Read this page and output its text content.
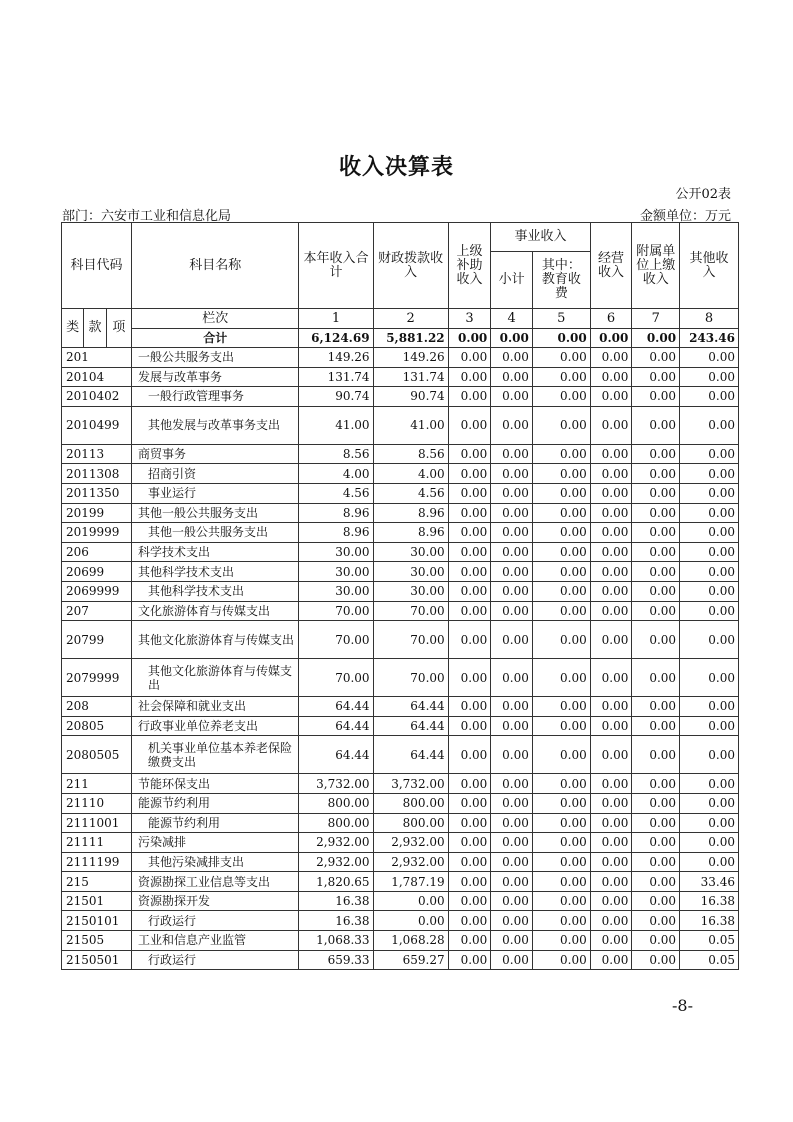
收入决算表
公开02表
部门：六安市工业和信息化局	金额单位：万元
科目代码			科目名称	本年收入合计	财政拨款收入	上级补助收入	事业收入		经营收入	附属单位上缴收入	其他收入
							小计	其中：教育收费			
类	款	项	栏次	1	2	3	4	5	6	7	8
			合计	6,124.69	5,881.22	0.00	0.00	0.00	0.00	0.00	243.46
201			一般公共服务支出	149.26	149.26	0.00	0.00	0.00	0.00	0.00	0.00
20104			发展与改革事务	131.74	131.74	0.00	0.00	0.00	0.00	0.00	0.00
2010402			一般行政管理事务	90.74	90.74	0.00	0.00	0.00	0.00	0.00	0.00
2010499			其他发展与改革事务支出	41.00	41.00	0.00	0.00	0.00	0.00	0.00	0.00
20113			商贸事务	8.56	8.56	0.00	0.00	0.00	0.00	0.00	0.00
2011308			招商引资	4.00	4.00	0.00	0.00	0.00	0.00	0.00	0.00
2011350			事业运行	4.56	4.56	0.00	0.00	0.00	0.00	0.00	0.00
20199			其他一般公共服务支出	8.96	8.96	0.00	0.00	0.00	0.00	0.00	0.00
2019999			其他一般公共服务支出	8.96	8.96	0.00	0.00	0.00	0.00	0.00	0.00
206			科学技术支出	30.00	30.00	0.00	0.00	0.00	0.00	0.00	0.00
20699			其他科学技术支出	30.00	30.00	0.00	0.00	0.00	0.00	0.00	0.00
2069999			其他科学技术支出	30.00	30.00	0.00	0.00	0.00	0.00	0.00	0.00
207			文化旅游体育与传媒支出	70.00	70.00	0.00	0.00	0.00	0.00	0.00	0.00
20799			其他文化旅游体育与传媒支出	70.00	70.00	0.00	0.00	0.00	0.00	0.00	0.00
2079999			其他文化旅游体育与传媒支出	70.00	70.00	0.00	0.00	0.00	0.00	0.00	0.00
208			社会保障和就业支出	64.44	64.44	0.00	0.00	0.00	0.00	0.00	0.00
20805			行政事业单位养老支出	64.44	64.44	0.00	0.00	0.00	0.00	0.00	0.00
2080505			机关事业单位基本养老保险缴费支出	64.44	64.44	0.00	0.00	0.00	0.00	0.00	0.00
211			节能环保支出	3,732.00	3,732.00	0.00	0.00	0.00	0.00	0.00	0.00
21110			能源节约利用	800.00	800.00	0.00	0.00	0.00	0.00	0.00	0.00
2111001			能源节约利用	800.00	800.00	0.00	0.00	0.00	0.00	0.00	0.00
21111			污染减排	2,932.00	2,932.00	0.00	0.00	0.00	0.00	0.00	0.00
2111199			其他污染减排支出	2,932.00	2,932.00	0.00	0.00	0.00	0.00	0.00	0.00
215			资源勘探工业信息等支出	1,820.65	1,787.19	0.00	0.00	0.00	0.00	0.00	33.46
21501			资源勘探开发	16.38	0.00	0.00	0.00	0.00	0.00	0.00	16.38
2150101			行政运行	16.38	0.00	0.00	0.00	0.00	0.00	0.00	16.38
21505			工业和信息产业监管	1,068.33	1,068.28	0.00	0.00	0.00	0.00	0.00	0.05
2150501			行政运行	659.33	659.27	0.00	0.00	0.00	0.00	0.00	0.05
-8-
